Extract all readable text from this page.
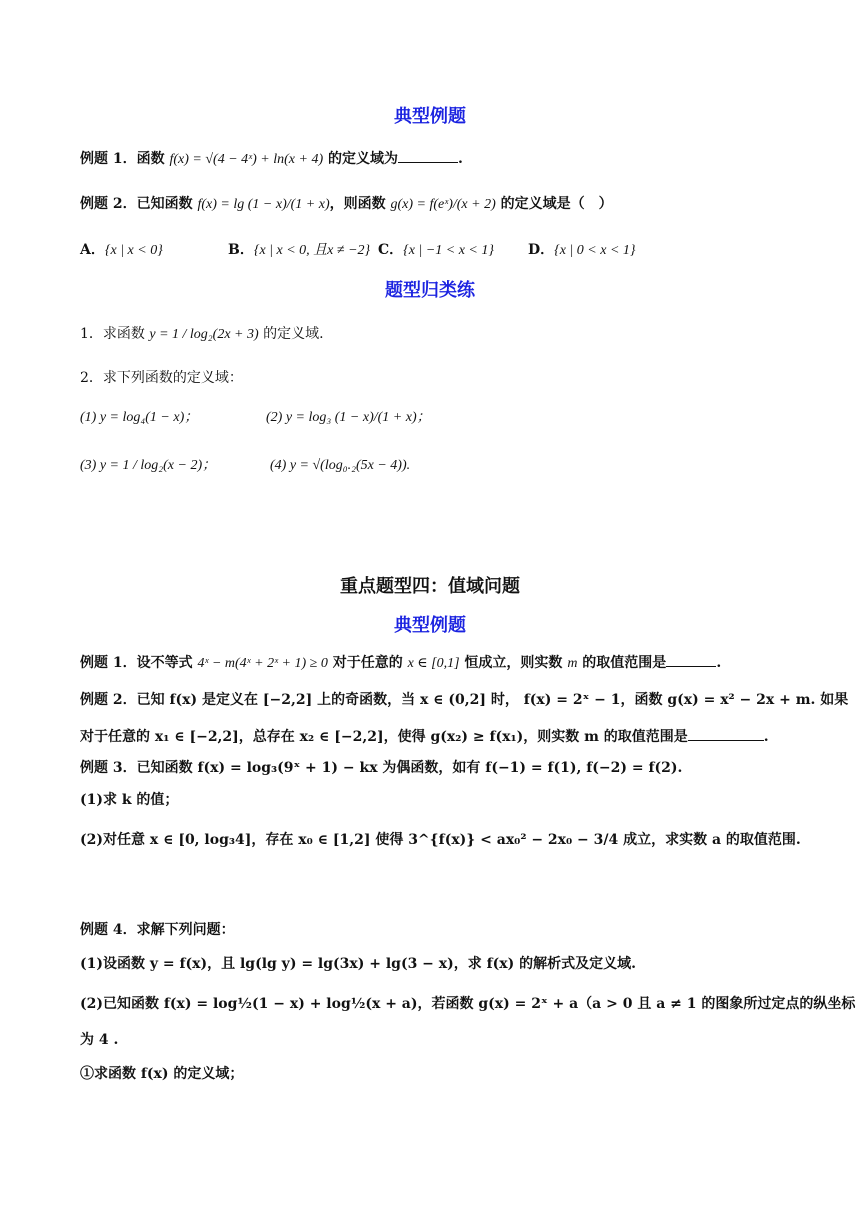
典型例题
例题 1．函数 f(x) = √(4 − 4ˣ) + ln(x + 4) 的定义域为	.
例题 2．已知函数 f(x) = lg (1 − x)/(1 + x)，则函数 g(x) = f(eˣ)/(x + 2) 的定义域是（　）
A．{x | x < 0}	B．{x | x < 0, 且x ≠ −2} C．{x | −1 < x < 1} D．{x | 0 < x < 1}
题型归类练
1．求函数 y = 1 / log₂(2x + 3) 的定义域.
2．求下列函数的定义域：
(1) y = log₄(1 − x)；	(2) y = log₃ (1 − x)/(1 + x)；
(3) y = 1 / log₂(x − 2)；	(4) y = √(log₀.₂(5x − 4)).
重点题型四：值域问题
典型例题
例题 1．设不等式 4ˣ − m(4ˣ + 2ˣ + 1) ≥ 0 对于任意的 x ∈ [0,1] 恒成立，则实数 m 的取值范围是	.
例题 2．已知 f(x) 是定义在 [−2,2] 上的奇函数，当 x ∈ (0,2] 时， f(x) = 2ˣ − 1，函数 g(x) = x² − 2x + m. 如果
对于任意的 x₁ ∈ [−2,2]，总存在 x₂ ∈ [−2,2]，使得 g(x₂) ≥ f(x₁)，则实数 m 的取值范围是	.
例题 3．已知函数 f(x) = log₃(9ˣ + 1) − kx 为偶函数，如有 f(−1) = f(1), f(−2) = f(2).
(1)求 k 的值；
(2)对任意 x ∈ [0, log₃4]，存在 x₀ ∈ [1,2] 使得 3^{f(x)} < ax₀² − 2x₀ − 3/4 成立，求实数 a 的取值范围.
例题 4．求解下列问题：
(1)设函数 y = f(x)，且 lg(lg y) = lg(3x) + lg(3 − x)，求 f(x) 的解析式及定义域.
(2)已知函数 f(x) = log½(1 − x) + log½(x + a)，若函数 g(x) = 2ˣ + a（a > 0 且 a ≠ 1 的图象所过定点的纵坐标
为 4 .
①求函数 f(x) 的定义域；
